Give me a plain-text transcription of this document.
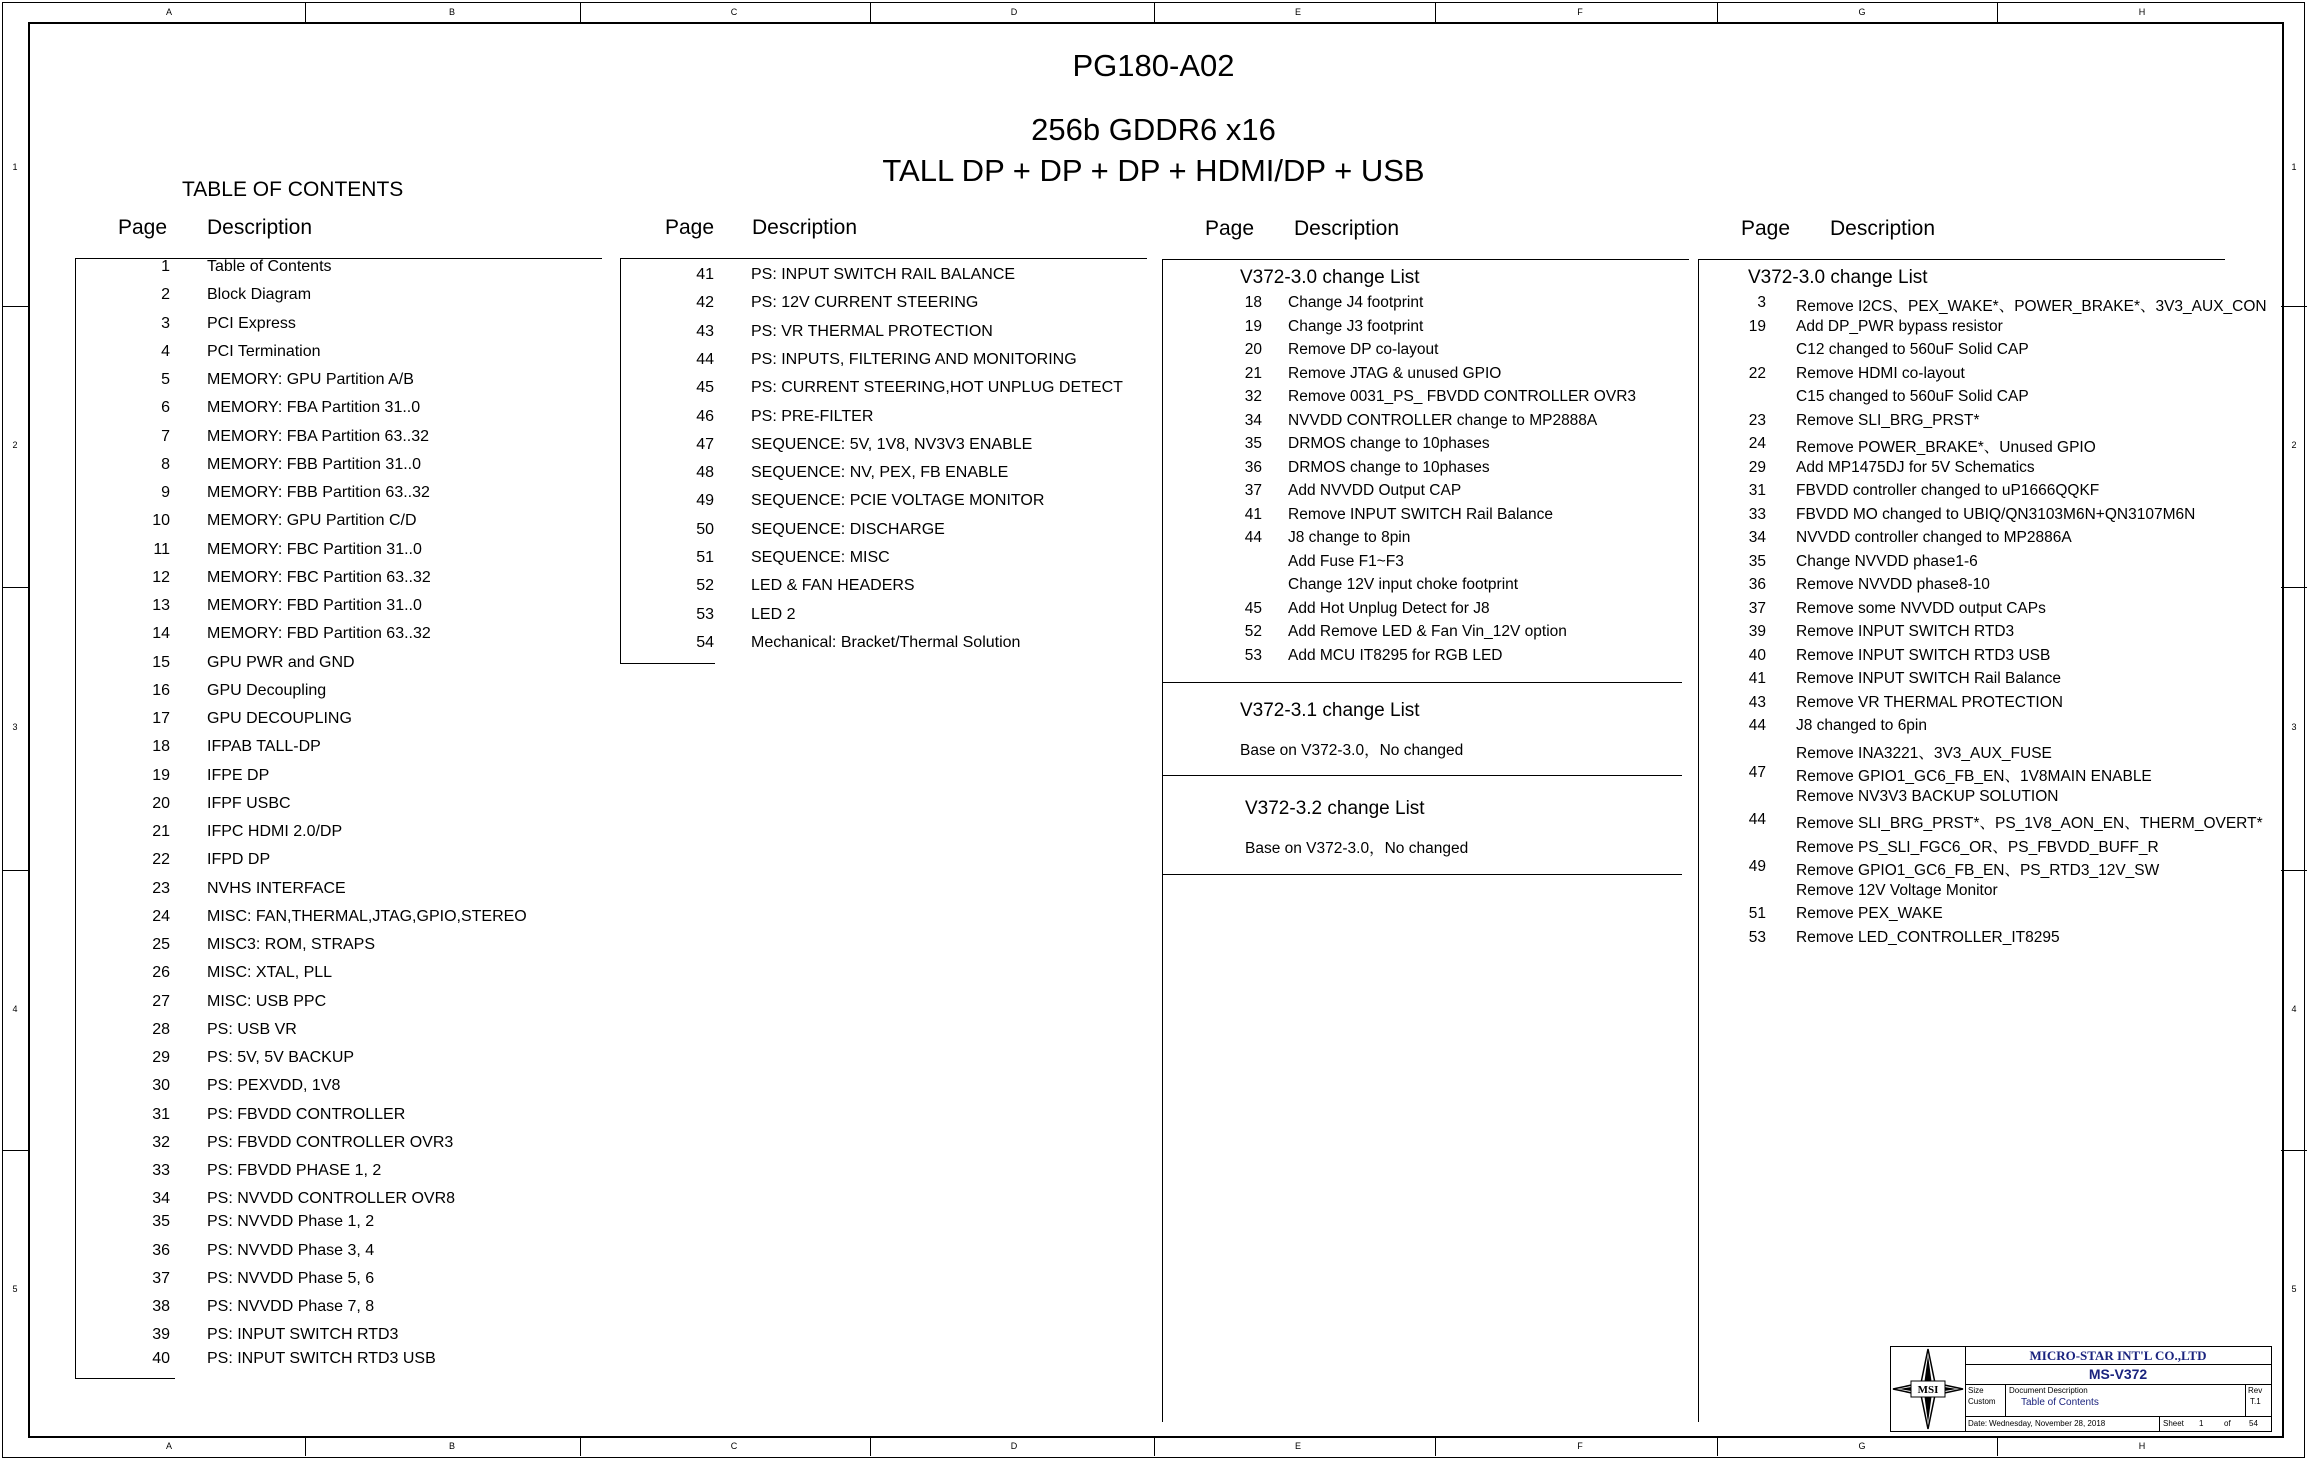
A	B	C	D	E	F	G	H
A	B	C	D	E	F	G	H
1
2
3
4
5
1
2
3
4
5
PG180-A02
256b GDDR6 x16
TALL DP + DP + DP + HDMI/DP + USB
TABLE OF CONTENTS
Page Description	Page Description	Page Description	Page Description
1 Table of Contents
2 Block Diagram
3 PCI Express
4 PCI Termination
5 MEMORY: GPU Partition A/B
6 MEMORY: FBA Partition 31..0
7 MEMORY: FBA Partition 63..32
8 MEMORY: FBB Partition 31..0
9 MEMORY: FBB Partition 63..32
10 MEMORY: GPU Partition C/D
11 MEMORY: FBC Partition 31..0
12 MEMORY: FBC Partition 63..32
13 MEMORY: FBD Partition 31..0
14 MEMORY: FBD Partition 63..32
15 GPU PWR and GND
16 GPU Decoupling
17 GPU DECOUPLING
18 IFPAB TALL-DP
19 IFPE DP
20 IFPF USBC
21 IFPC HDMI 2.0/DP
22 IFPD DP
23 NVHS INTERFACE
24 MISC: FAN,THERMAL,JTAG,GPIO,STEREO
25 MISC3: ROM, STRAPS
26 MISC: XTAL, PLL
27 MISC: USB PPC
28 PS: USB VR
29 PS: 5V, 5V BACKUP
30 PS: PEXVDD, 1V8
31 PS: FBVDD CONTROLLER
32 PS: FBVDD CONTROLLER OVR3
33 PS: FBVDD PHASE 1, 2
34 PS: NVVDD CONTROLLER OVR8
35 PS: NVVDD Phase 1, 2
36 PS: NVVDD Phase 3, 4
37 PS: NVVDD Phase 5, 6
38 PS: NVVDD Phase 7, 8
39 PS: INPUT SWITCH RTD3
40 PS: INPUT SWITCH RTD3 USB
41 PS: INPUT SWITCH RAIL BALANCE
42 PS: 12V CURRENT STEERING
43 PS: VR THERMAL PROTECTION
44 PS: INPUTS, FILTERING AND MONITORING
45 PS: CURRENT STEERING,HOT UNPLUG DETECT
46 PS: PRE-FILTER
47 SEQUENCE: 5V, 1V8, NV3V3 ENABLE
48 SEQUENCE: NV, PEX, FB ENABLE
49 SEQUENCE: PCIE VOLTAGE MONITOR
50 SEQUENCE: DISCHARGE
51 SEQUENCE: MISC
52 LED & FAN HEADERS
53 LED 2
54 Mechanical: Bracket/Thermal Solution
V372-3.0 change List
18 Change J4 footprint
19 Change J3 footprint
20 Remove DP co-layout
21 Remove JTAG & unused GPIO
32 Remove 0031_PS_ FBVDD CONTROLLER OVR3
34 NVVDD CONTROLLER change to MP2888A
35 DRMOS change to 10phases
36 DRMOS change to 10phases
37 Add NVVDD Output CAP
41 Remove INPUT SWITCH Rail Balance
44 J8 change to 8pin
Add Fuse F1~F3
Change 12V input choke footprint
45 Add Hot Unplug Detect for J8
52 Add Remove LED & Fan Vin_12V option
53 Add MCU IT8295 for RGB LED
V372-3.1 change List
Base on V372-3.0，No changed
V372-3.2 change List
Base on V372-3.0，No changed
V372-3.0 change List
3 Remove I2CS、PEX_WAKE*、POWER_BRAKE*、3V3_AUX_CON
19 Add DP_PWR bypass resistor
C12 changed to 560uF Solid CAP
22 Remove HDMI co-layout
C15 changed to 560uF Solid CAP
23 Remove SLI_BRG_PRST*
24 Remove POWER_BRAKE*、Unused GPIO
29 Add MP1475DJ for 5V Schematics
31 FBVDD controller changed to uP1666QQKF
33 FBVDD MO changed to UBIQ/QN3103M6N+QN3107M6N
34 NVVDD controller changed to MP2886A
35 Change NVVDD phase1-6
36 Remove NVVDD phase8-10
37 Remove some NVVDD output CAPs
39 Remove INPUT SWITCH RTD3
40 Remove INPUT SWITCH RTD3 USB
41 Remove INPUT SWITCH Rail Balance
43 Remove VR THERMAL PROTECTION
44 J8 changed to 6pin
Remove INA3221、3V3_AUX_FUSE
47 Remove GPIO1_GC6_FB_EN、1V8MAIN ENABLE
Remove NV3V3 BACKUP SOLUTION
44 Remove SLI_BRG_PRST*、PS_1V8_AON_EN、THERM_OVERT*
Remove PS_SLI_FGC6_OR、PS_FBVDD_BUFF_R
49 Remove GPIO1_GC6_FB_EN、PS_RTD3_12V_SW
Remove 12V Voltage Monitor
51 Remove PEX_WAKE
53 Remove LED_CONTROLLER_IT8295
MSI
MICRO-STAR INT'L CO.,LTD
MS-V372
Size
Custom
Document Description
Table of Contents
Rev
T.1
Date: Wednesday, November 28, 2018	Sheet 1	of 54
